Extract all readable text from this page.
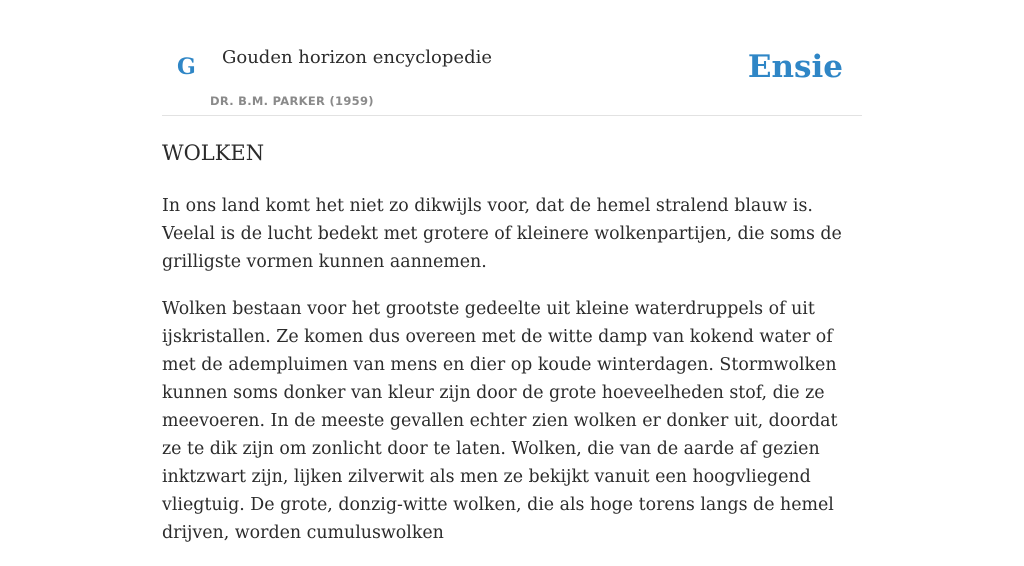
G Gouden horizon encyclopedie
DR. B.M. PARKER (1959)
Ensie
WOLKEN

In ons land komt het niet zo dikwijls voor, dat de hemel stralend blauw is. Veelal is de lucht bedekt met grotere of kleinere wolkenpartijen, die soms de grilligste vormen kunnen aannemen.

Wolken bestaan voor het grootste gedeelte uit kleine waterdruppels of uit ijskristallen. Ze komen dus overeen met de witte damp van kokend water of met de adempluimen van mens en dier op koude winterdagen. Stormwolken kunnen soms donker van kleur zijn door de grote hoeveelheden stof, die ze meevoeren. In de meeste gevallen echter zien wolken er donker uit, doordat ze te dik zijn om zonlicht door te laten. Wolken, die van de aarde af gezien inktzwart zijn, lijken zilverwit als men ze bekijkt vanuit een hoogvliegend vliegtuig. De grote, donzig-witte wolken, die als hoge torens langs de hemel drijven, worden cumuluswolken
